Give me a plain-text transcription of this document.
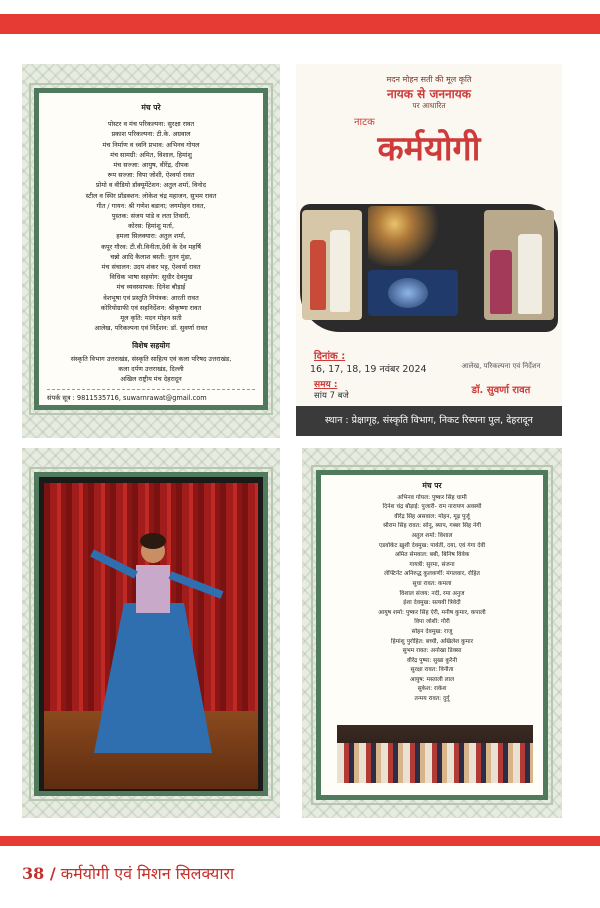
मंच परे
पोस्टर व मंच परिकल्पना: सुरक्षा रावत
प्रकाश परिकल्पना: टी.के. अग्रवाल
मंच निर्माण व ध्वनि प्रभाव: अभिनव गोयल
मंच सामग्री: अमित, विशाल, हिमांशु
मंच सज्जा: आयुष, वीरेंद्र, दीपक
रूप सज्जा: विपा जोशी, ऐश्वर्या रावत
प्रोमो व वीडियो डॉक्यूमेंटेशन: अतुल शर्मा, विनोद
स्टील व स्थिर प्रॉडक्शन: लोकेश चंद्र महाजन, सुभम रावत
गीत / गायन: श्री गणेश बडाना; जगमोहन रावत,
पुस्तक: संजय पांडे व लता तिवारी,
कोरस: हिमांशु मर्ता,
हमला सिलक्यारा: अतुल शर्मा,
कपूर गौरव: टी.वी.विनीता,देवी के देव महर्षि
चन्नो आदि कैलाश बस्ती: नूतन मुंडा,
मंच संचालन: उदय शंकर भट्ट, ऐश्वर्या रावत
विधिक भाषा सहयोग: सुधीर देवमुख
मंच व्यवस्थापक: दिनेश बौड़ाई
वेशभूषा एवं प्रस्तुति नियंत्रक: आरती रावत
कोरियोग्राफी एवं सहनिर्देशन: श्रीकृष्णा रावत
मूल कृति: मदन मोहन सती
आलेख, परिकल्पना एवं निर्देशन: डॉ. सुवर्णा रावत
विशेष सहयोग
संस्कृति विभाग उत्तराखंड, संस्कृति साहित्य एवं कला परिषद उत्तराखंड,
कला दर्पण उत्तराखंड, दिल्ली
अखिल राष्ट्रीय मंच देहरादून
संपर्क सूत्र : 9811535716, suwarnrawat@gmail.com
मदन मोहन सती की मूल कृति
नायक से जननायक
पर आधारित
नाटक
कर्मयोगी
दिनांक :
16, 17, 18, 19 नवंबर 2024
समय :
सांय 7 बजे
आलेख, परिकल्पना एवं निर्देशन
डॉ. सुवर्णा रावत
स्थान : प्रेक्षागृह, संस्कृति विभाग, निकट रिस्पना पुल, देहरादून
मंच पर
अभिनव गोयल: पुष्कर सिंह धामी
दिनेश चंद्र बौड़ाई: पुजारी- राम नारायण अवस्थी
वीरेंद्र सिंह असवाल: मोहन, मूढ़ पुर्जू
श्रीराम सिंह रावत: सोनू, ब्याप, गब्बर सिंह नेगी
अतुल शर्मा: विशाल
एडवोकेट ख़ुशी देवमुख: पार्वती, दया, एवं गंगा देवी
अमित सेमवाल: बबी, बिनिष विवेक
गायत्री: सुरमा, संजना
लेफ्टिनेंट अनिरुद्ध कुलकर्णी: मंगलवार, रोहित
सुधा रावत: कमला
विशाल संजय: नदी, रमा अनुज
ईशा देवमुख: सत्यवी त्रिवेदी
आयुष शर्मा: पुष्कर सिंह ऐरी, मनीष कुमार, कपाली
विपा जोशी: गौरी
सोहन देवमुख: राजू
हिमांशु पुरोहित: बच्ची, अखिलेश कुमार
सुभम रावत: अनोखा डिक्सा
वीरेंद्र पुष्पा: सुखा कुरैनी
सुरक्षा रावत: विनीता
आयुष: मस्ताली लाल
सुकेश: राकेश
तन्मय रावत: दुर्गू
38 / कर्मयोगी एवं मिशन सिलक्यारा
